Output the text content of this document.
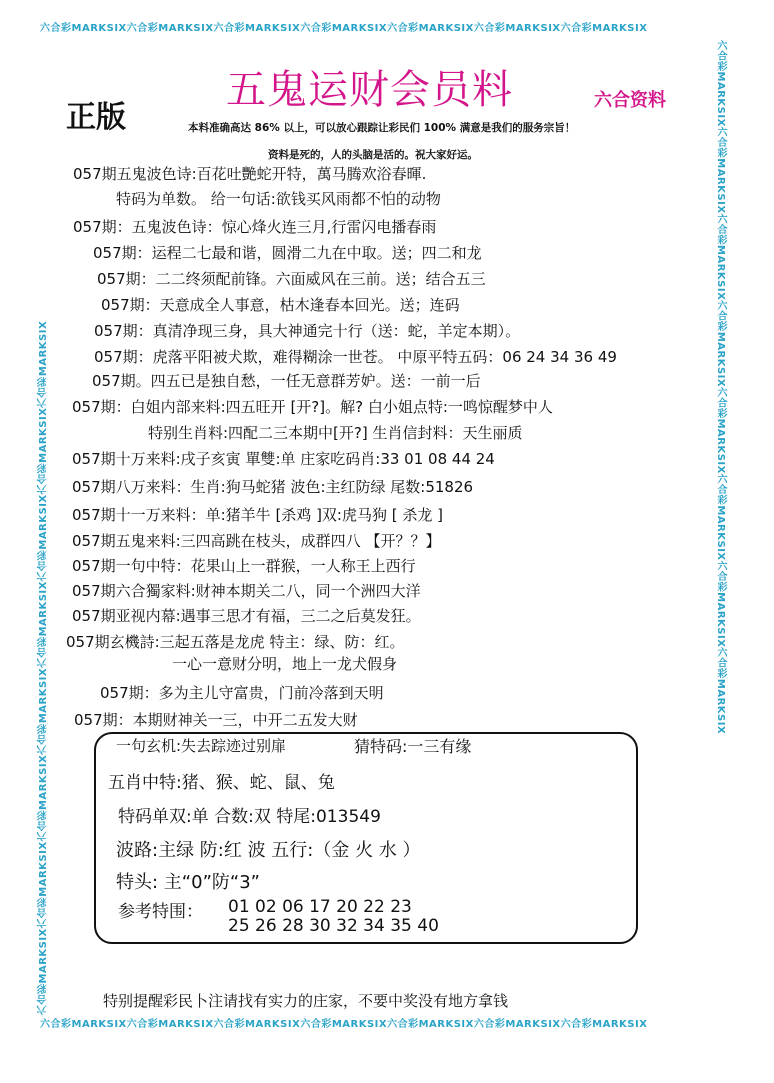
六合彩MARKSIX六合彩MARKSIX六合彩MARKSIX六合彩MARKSIX六合彩MARKSIX六合彩MARKSIX六合彩MARKSIX
六合彩MARKSIX六合彩MARKSIX六合彩MARKSIX六合彩MARKSIX六合彩MARKSIX六合彩MARKSIX六合彩MARKSIX
六合彩MARKSIX六合彩MARKSIX六合彩MARKSIX六合彩MARKSIX六合彩MARKSIX六合彩MARKSIX六合彩MARKSIX六合彩MARKSIX	六合彩MARKSIX六合彩MARKSIX六合彩MARKSIX六合彩MARKSIX六合彩MARKSIX六合彩MARKSIX六合彩MARKSIX六合彩MARKSIX
五鬼运财会员料
正版	六合资料
本料准确高达 86% 以上，可以放心跟踪让彩民们 100% 满意是我们的服务宗旨！
资料是死的，人的头脑是活的。祝大家好运。
057期五鬼波色诗:百花吐艷蛇开特，萬马腾欢浴春暉.
特码为单数。 给一句话:欲钱买风雨都不怕的动物
057期：五鬼波色诗：惊心烽火连三月,行雷闪电播春雨
057期：运程二七最和谐，圆滑二九在中取。送；四二和龙
057期：二二终须配前锋。六面威风在三前。送；结合五三
057期：天意成全人事意，枯木逢春本回光。送；连码
057期：真清净现三身，具大神通完十行（送：蛇，羊定本期）。
057期：虎落平阳被犬欺，难得糊涂一世苍。 中原平特五码：06 24 34 36 49
057期。四五已是独自愁，一任无意群芳妒。送：一前一后
057期：白姐内部来料:四五旺开 [开?]。解? 白小姐点特:一鸣惊醒梦中人
特别生肖料:四配二三本期中[开?] 生肖信封料：天生丽质
057期十万来料:戌子亥寅 單雙:单 庄家吃码肖:33 01 08 44 24
057期八万来料：生肖:狗马蛇猪 波色:主红防绿 尾数:51826
057期十一万来料：单:猪羊牛 [杀鸡 ]双:虎马狗 [ 杀龙 ]
057期五鬼来料:三四高跳在枝头，成群四八 【开？？】
057期一句中特：花果山上一群猴，一人称王上西行
057期六合獨家料:财神本期关二八，同一个洲四大洋
057期亚视内幕:遇事三思才有福，三二之后莫发狂。
057期玄機詩:三起五落是龙虎 特主：绿、防：红。
一心一意财分明，地上一龙犬假身
057期：多为主儿守富贵，门前冷落到天明
057期：本期财神关一三，中开二五发大财
一句玄机:失去踪迹过别扉	猜特码:一三有缘
五肖中特:猪、猴、蛇、鼠、兔
特码单双:单 合数:双 特尾:013549
波路:主绿 防:红 波 五行:（金 火 水 ）
特头: 主“0”防“3”
参考特围： 01 02 06 17 20 22 23
25 26 28 30 32 34 35 40
特别提醒彩民卜注请找有实力的庄家，不要中奖没有地方拿钱
